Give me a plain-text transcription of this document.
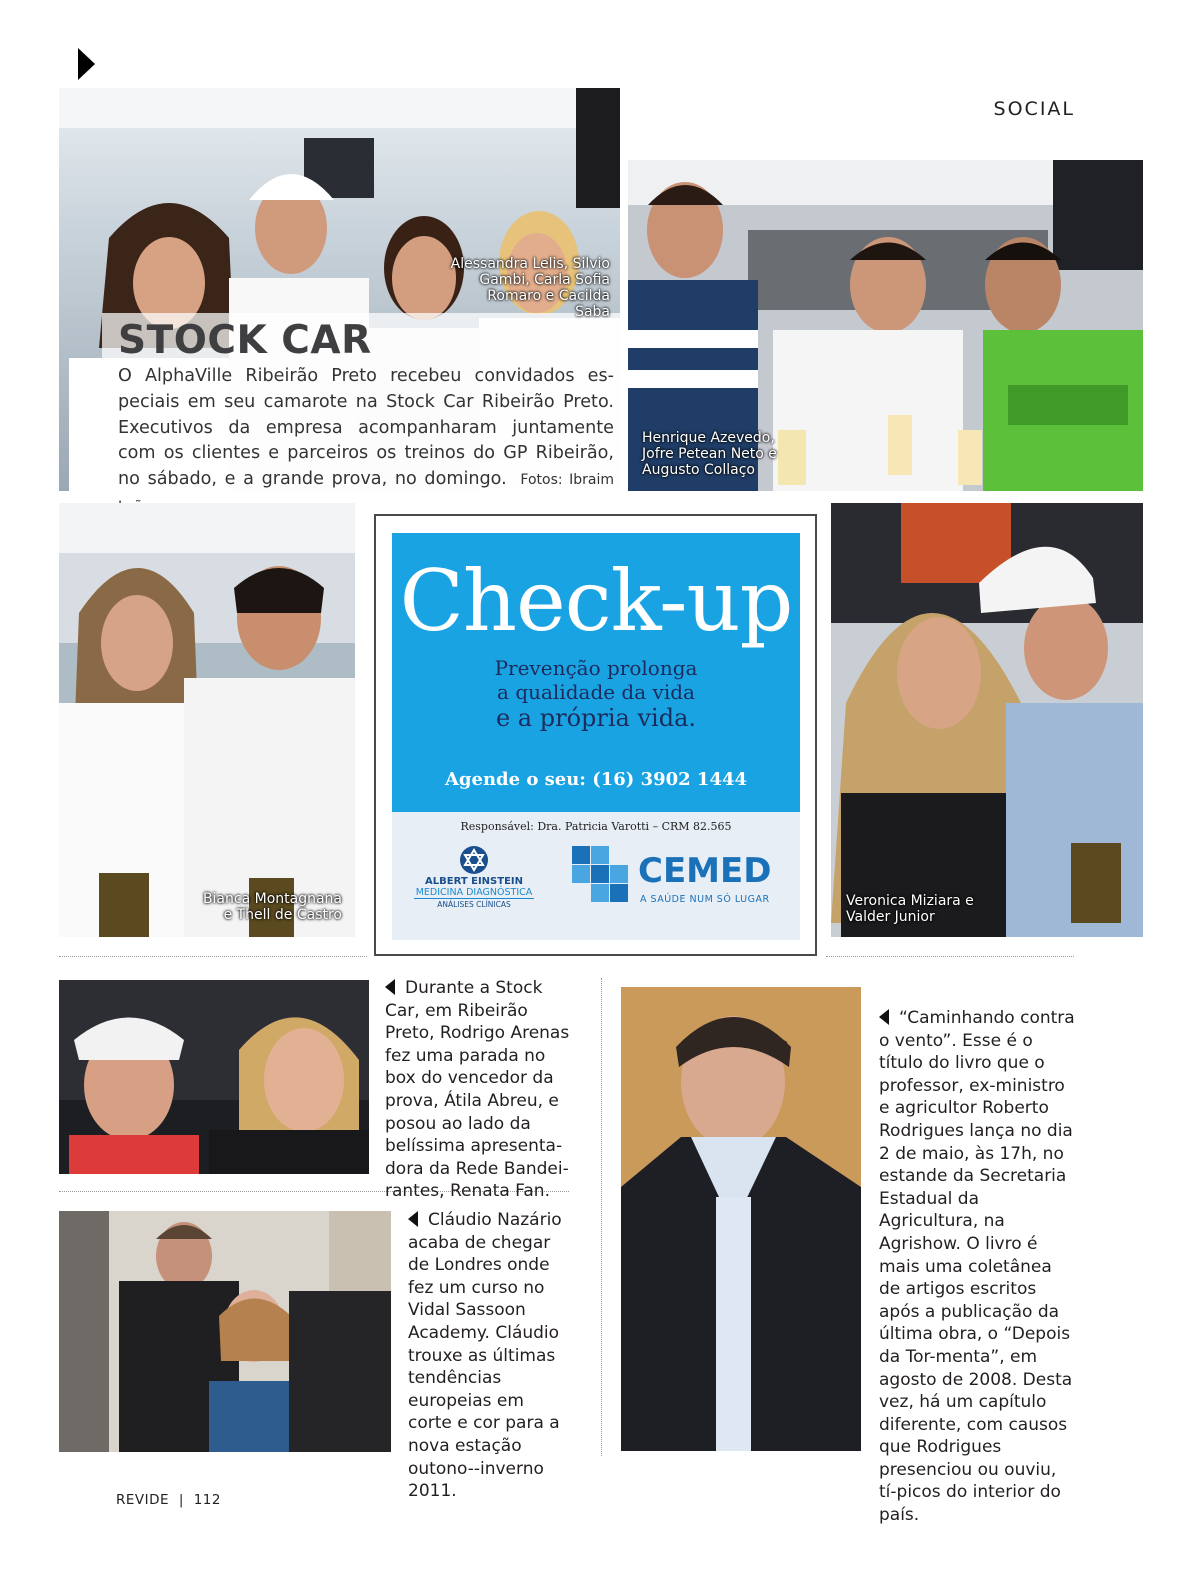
SOCIAL
STOCK CAR
O AlphaVille Ribeirão Preto recebeu convidados es-peciais em seu camarote na Stock Car Ribeirão Preto. Executivos da empresa acompanharam juntamente com os clientes e parceiros os treinos do GP Ribeirão, no sábado, e a grande prova, no domingo. Fotos: Ibraim
Alessandra Lelis, Silvio Gambi, Carla Sofia Romaro e Cacilda Saba
Henrique Azevedo, Jofre Petean Neto e Augusto Collaço
Bianca Montagnana e Thell de Castro
Check-up
Prevenção prolonga
a qualidade da vida
e a própria vida.
Agende o seu: (16) 3902 1444
Responsável: Dra. Patricia Varotti – CRM 82.565
ALBERT EINSTEIN
MEDICINA DIAGNÓSTICA
ANÁLISES CLÍNICAS
CEMED
A SAÚDE NUM SÓ LUGAR	Veronica Miziara e Valder Junior
Durante a Stock Car, em Ribeirão Preto, Rodrigo Arenas fez uma parada no box do vencedor da prova, Átila Abreu, e posou ao lado da belíssima apresenta-dora da Rede Bandei-rantes, Renata Fan.
Cláudio Nazário acaba de chegar de Londres onde fez um curso no Vidal Sassoon Academy. Cláudio trouxe as últimas tendências europeias em corte e cor para a nova estação outono--inverno 2011.
“Caminhando contra o vento”. Esse é o título do livro que o professor, ex-ministro e agricultor Roberto Rodrigues lança no dia 2 de maio, às 17h, no estande da Secretaria Estadual da Agricultura, na Agrishow. O livro é mais uma coletânea de artigos escritos após a publicação da última obra, o “Depois da Tor-menta”, em agosto de 2008. Desta vez, há um capítulo diferente, com causos que Rodrigues presenciou ou ouviu, tí-picos do interior do país.
REVIDE | 112
